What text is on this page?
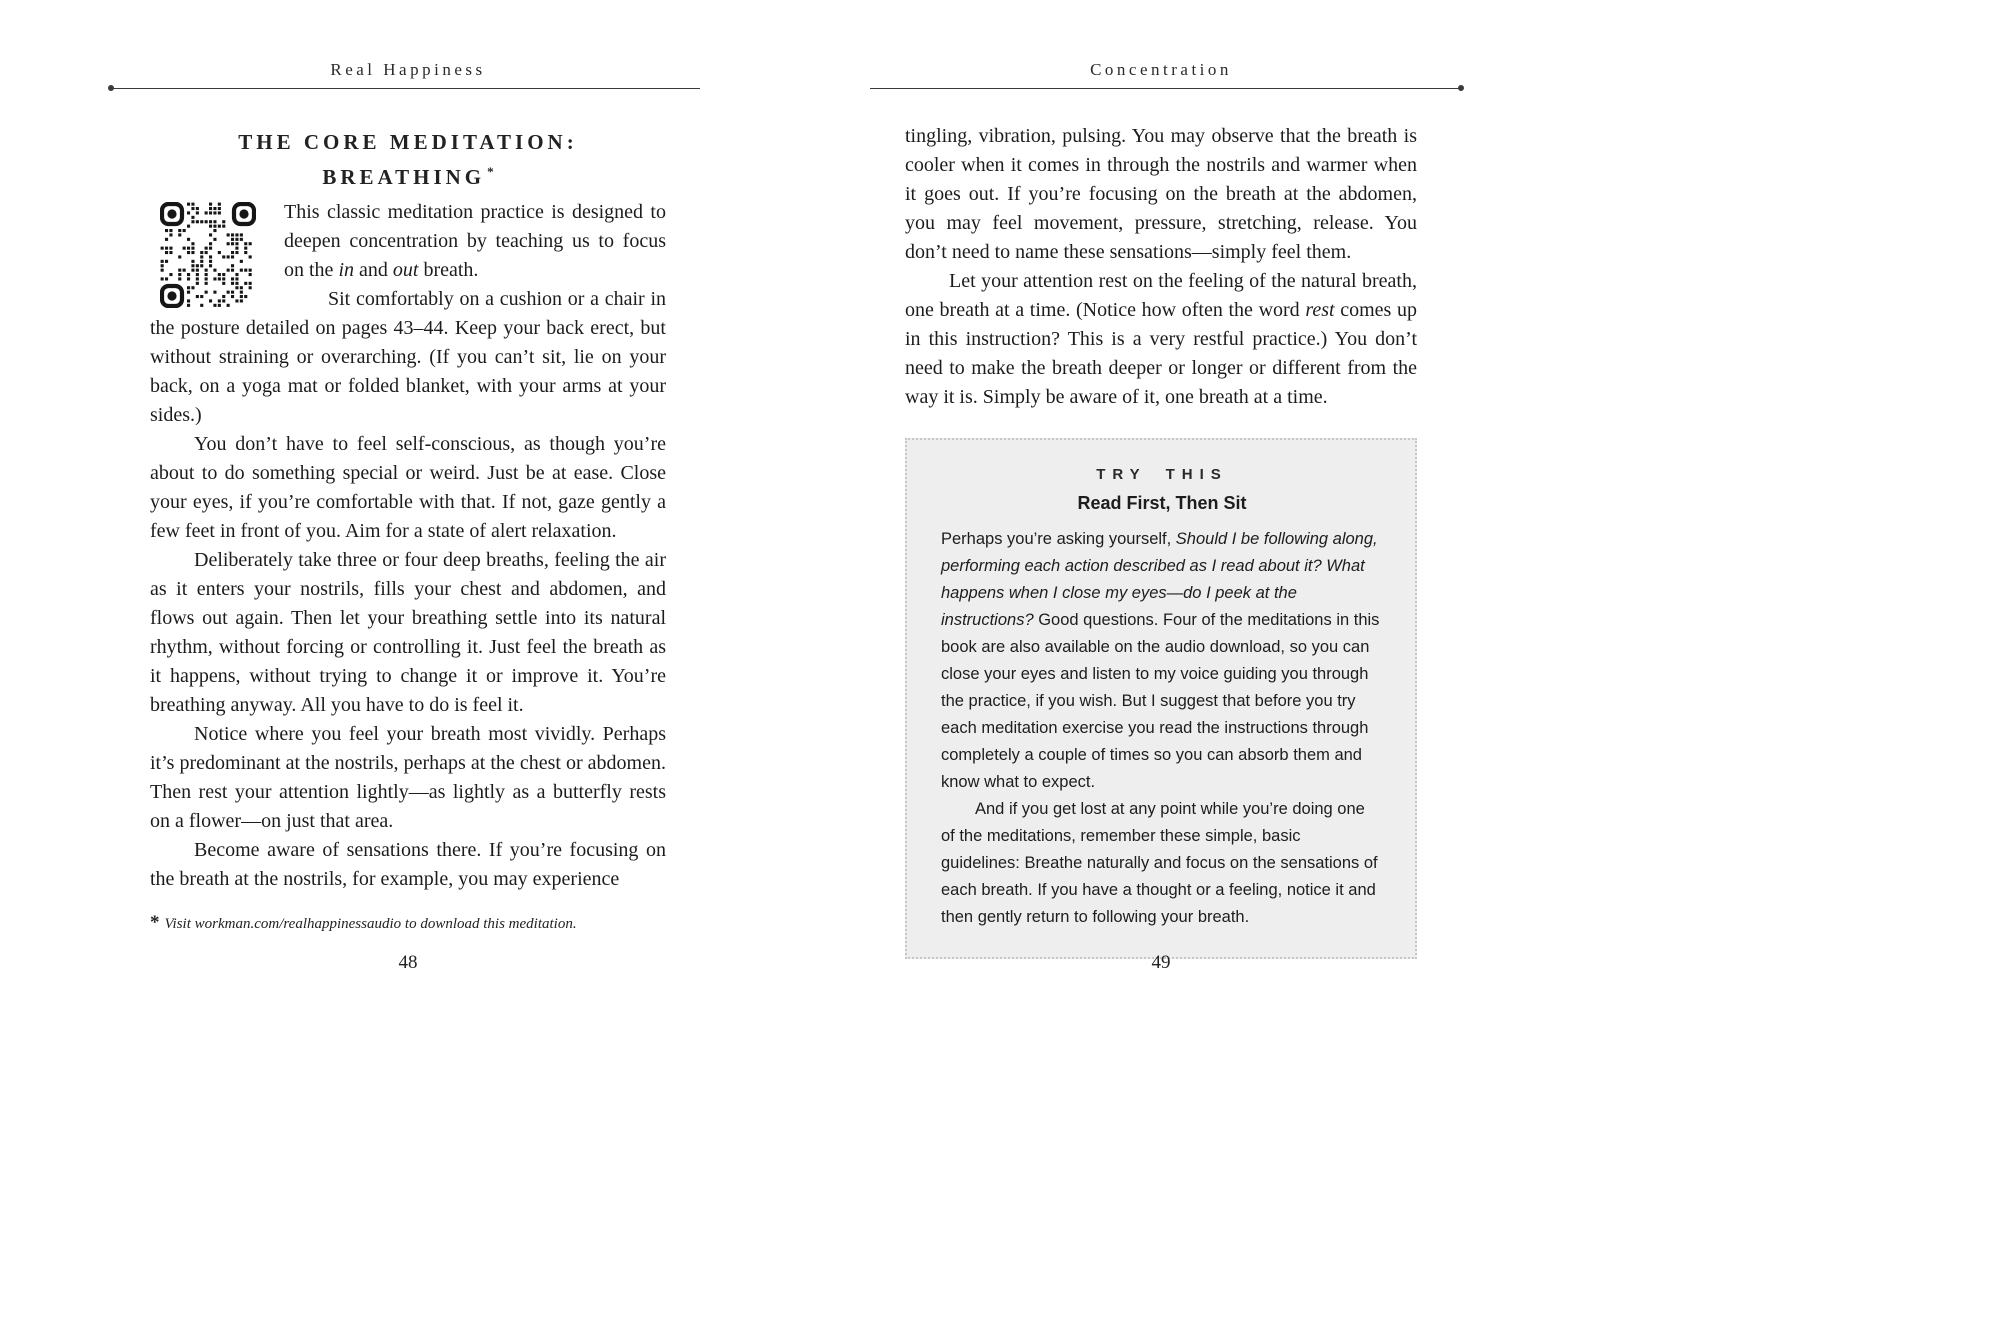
Real Happiness
THE CORE MEDITATION:
BREATHING *

This classic meditation practice is designed to deepen concentration by teaching us to focus on the in and out breath.

Sit comfortably on a cushion or a chair in the posture detailed on pages 43–44. Keep your back erect, but without straining or overarching. (If you can’t sit, lie on your back, on a yoga mat or folded blanket, with your arms at your sides.)

You don’t have to feel self-conscious, as though you’re about to do something special or weird. Just be at ease. Close your eyes, if you’re comfortable with that. If not, gaze gently a few feet in front of you. Aim for a state of alert relaxation.

Deliberately take three or four deep breaths, feeling the air as it enters your nostrils, fills your chest and abdomen, and flows out again. Then let your breathing settle into its natural rhythm, without forcing or controlling it. Just feel the breath as it happens, without trying to change it or improve it. You’re breathing anyway. All you have to do is feel it.

Notice where you feel your breath most vividly. Perhaps it’s predominant at the nostrils, perhaps at the chest or abdomen. Then rest your attention lightly—as lightly as a butterfly rests on a flower—on just that area.

Become aware of sensations there. If you’re focusing on the breath at the nostrils, for example, you may experience

* Visit workman.com/realhappinessaudio to download this meditation.
48
Concentration

tingling, vibration, pulsing. You may observe that the breath is cooler when it comes in through the nostrils and warmer when it goes out. If you’re focusing on the breath at the abdomen, you may feel movement, pressure, stretching, release. You don’t need to name these sensations—simply feel them.

Let your attention rest on the feeling of the natural breath, one breath at a time. (Notice how often the word rest comes up in this instruction? This is a very restful practice.) You don’t need to make the breath deeper or longer or different from the way it is. Simply be aware of it, one breath at a time.

TRY THIS
Read First, Then Sit

Perhaps you’re asking yourself, Should I be following along, performing each action described as I read about it? What happens when I close my eyes—do I peek at the instructions? Good questions. Four of the meditations in this book are also available on the audio download, so you can close your eyes and listen to my voice guiding you through the practice, if you wish. But I suggest that before you try each meditation exercise you read the instructions through completely a couple of times so you can absorb them and know what to expect.

And if you get lost at any point while you’re doing one of the meditations, remember these simple, basic guidelines: Breathe naturally and focus on the sensations of each breath. If you have a thought or a feeling, notice it and then gently return to following your breath.

49
